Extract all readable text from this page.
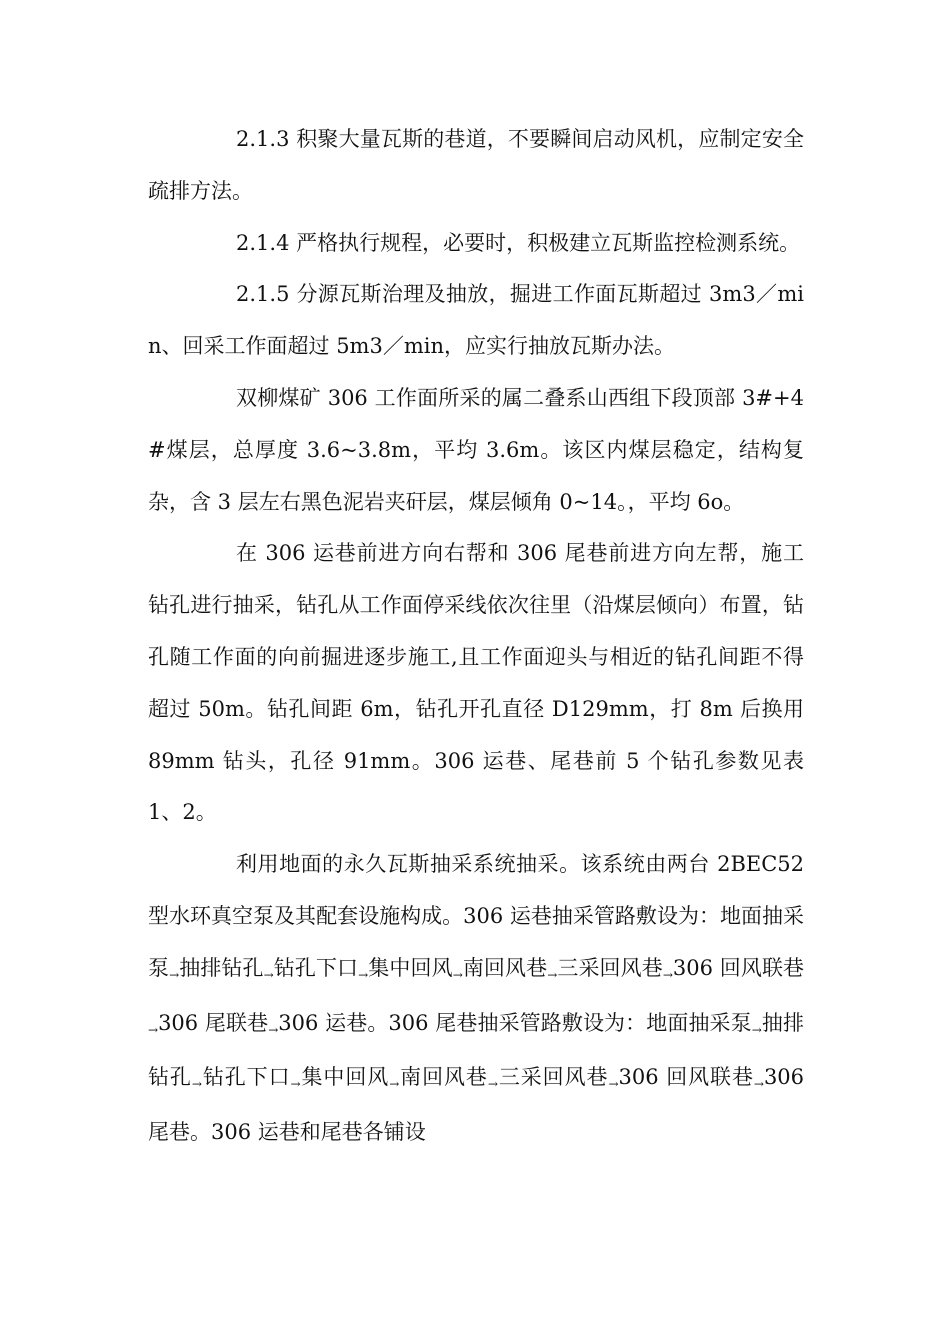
2.1.3 积聚大量瓦斯的巷道，不要瞬间启动风机，应制定安全疏排方法。

2.1.4 严格执行规程，必要时，积极建立瓦斯监控检测系统。

2.1.5 分源瓦斯治理及抽放，掘进工作面瓦斯超过 3m3／min、回采工作面超过 5m3／min，应实行抽放瓦斯办法。

双柳煤矿 306 工作面所采的属二叠系山西组下段顶部 3#+4#煤层，总厚度 3.6~3.8m，平均 3.6m。该区内煤层稳定，结构复杂，含 3 层左右黑色泥岩夹矸层，煤层倾角 0~14。，平均 6o。

在 306 运巷前进方向右帮和 306 尾巷前进方向左帮，施工钻孔进行抽采，钻孔从工作面停采线依次往里（沿煤层倾向）布置，钻孔随工作面的向前掘进逐步施工,且工作面迎头与相近的钻孔间距不得超过 50m。钻孔间距 6m，钻孔开孔直径 D129mm，打 8m 后换用 89mm 钻头，孔径 91mm。306 运巷、尾巷前 5 个钻孔参数见表 1、2。

利用地面的永久瓦斯抽采系统抽采。该系统由两台 2BEC52 型水环真空泵及其配套设施构成。306 运巷抽采管路敷设为：地面抽采泵→抽排钻孔→钻孔下口→集中回风→南回风巷→三采回风巷→306 回风联巷→306 尾联巷→306 运巷。306 尾巷抽采管路敷设为：地面抽采泵→抽排钻孔→钻孔下口→集中回风→南回风巷→三采回风巷→306 回风联巷→306 尾巷。306 运巷和尾巷各铺设
